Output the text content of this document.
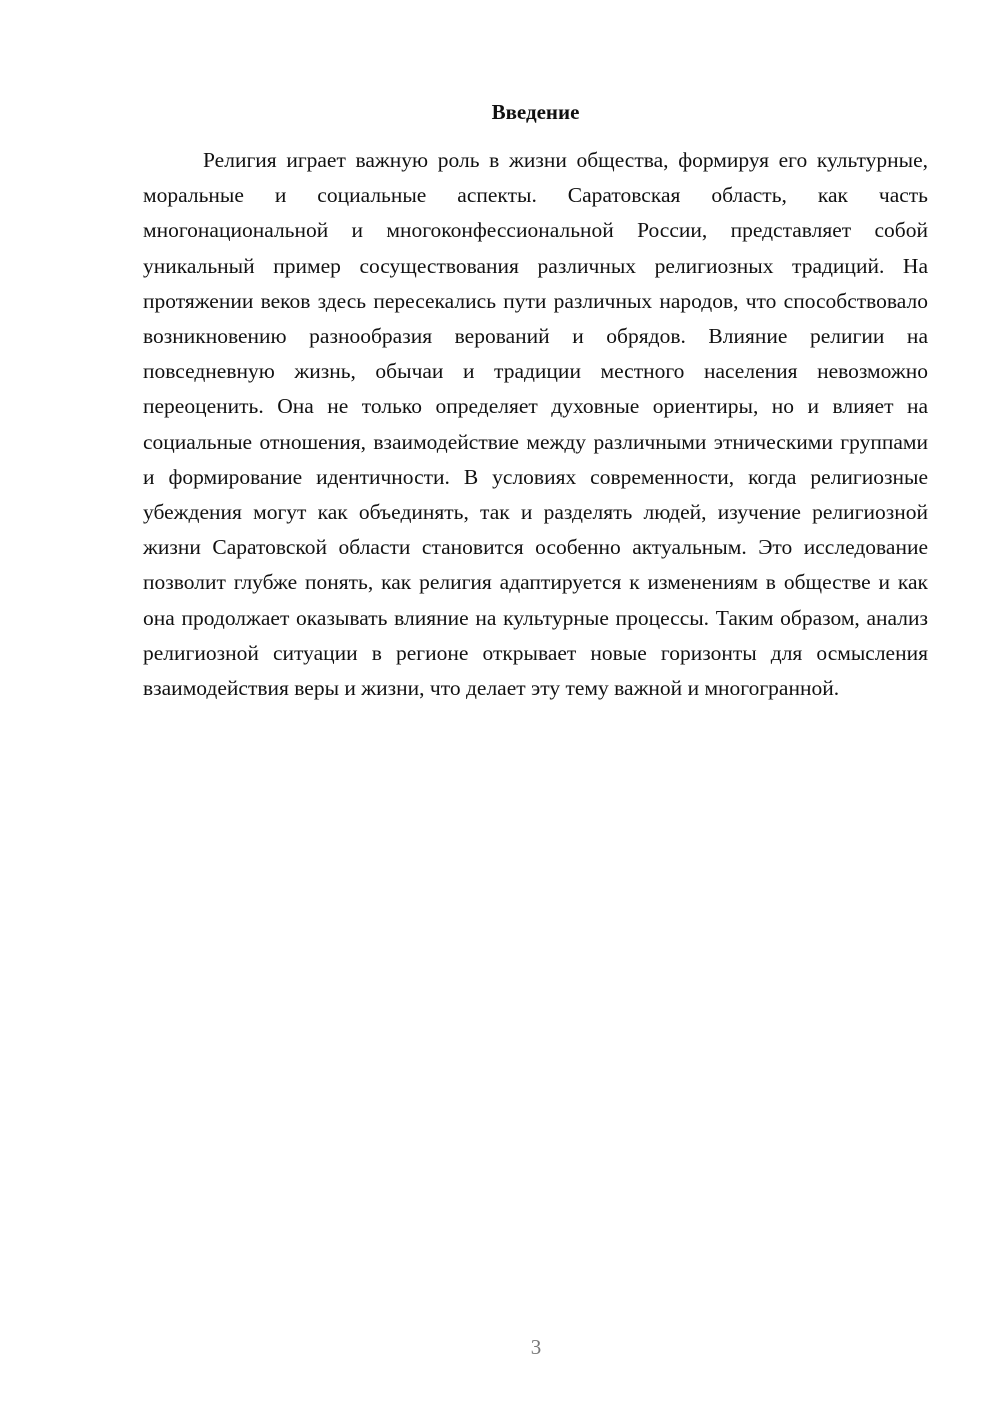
Введение

Религия играет важную роль в жизни общества, формируя его культурные, моральные и социальные аспекты. Саратовская область, как часть многонациональной и многоконфессиональной России, представляет собой уникальный пример сосуществования различных религиозных традиций. На протяжении веков здесь пересекались пути различных народов, что способствовало возникновению разнообразия верований и обрядов. Влияние религии на повседневную жизнь, обычаи и традиции местного населения невозможно переоценить. Она не только определяет духовные ориентиры, но и влияет на социальные отношения, взаимодействие между различными этническими группами и формирование идентичности. В условиях современности, когда религиозные убеждения могут как объединять, так и разделять людей, изучение религиозной жизни Саратовской области становится особенно актуальным. Это исследование позволит глубже понять, как религия адаптируется к изменениям в обществе и как она продолжает оказывать влияние на культурные процессы. Таким образом, анализ религиозной ситуации в регионе открывает новые горизонты для осмысления взаимодействия веры и жизни, что делает эту тему важной и многогранной.

3
